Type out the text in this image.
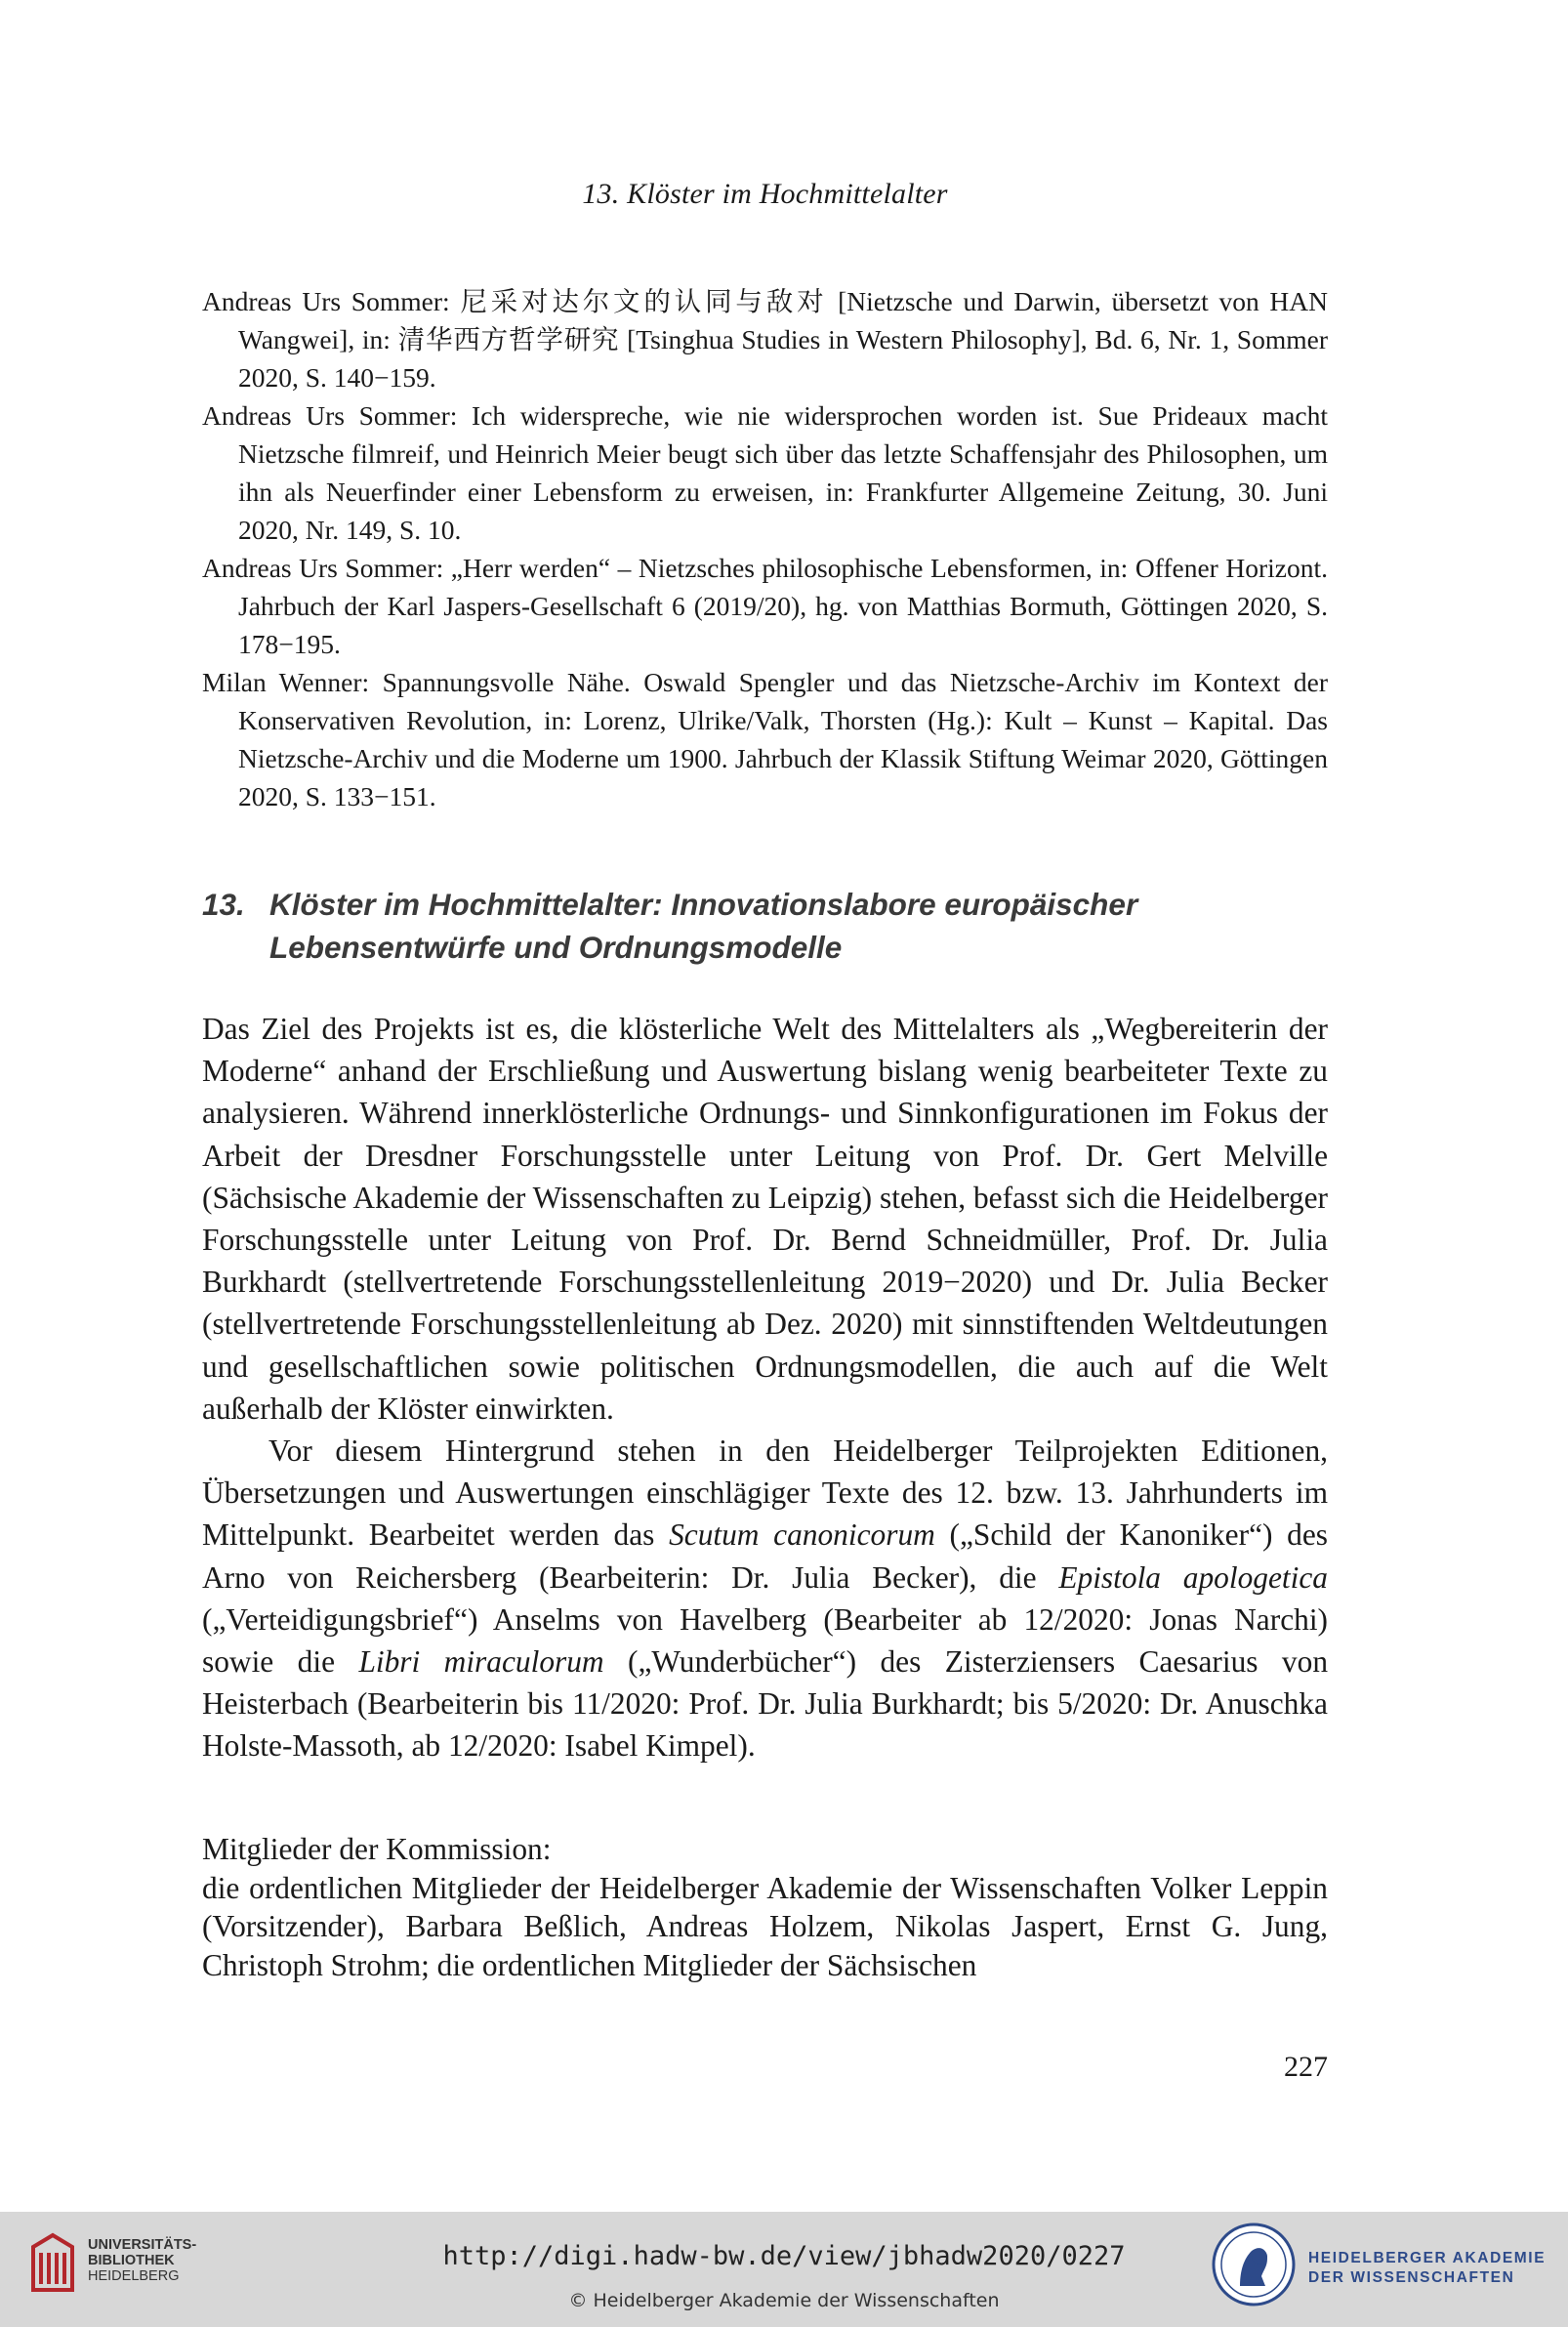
13. Klöster im Hochmittelalter
Andreas Urs Sommer: 尼采对达尔文的认同与敌对 [Nietzsche und Darwin, übersetzt von HAN Wangwei], in: 清华西方哲学研究 [Tsinghua Studies in Western Philosophy], Bd. 6, Nr. 1, Sommer 2020, S. 140−159.
Andreas Urs Sommer: Ich widerspreche, wie nie widersprochen worden ist. Sue Prideaux macht Nietzsche filmreif, und Heinrich Meier beugt sich über das letzte Schaffensjahr des Philosophen, um ihn als Neuerfinder einer Lebensform zu erweisen, in: Frankfurter Allgemeine Zeitung, 30. Juni 2020, Nr. 149, S. 10.
Andreas Urs Sommer: „Herr werden“ – Nietzsches philosophische Lebensformen, in: Offener Horizont. Jahrbuch der Karl Jaspers-Gesellschaft 6 (2019/20), hg. von Matthias Bormuth, Göttingen 2020, S. 178−195.
Milan Wenner: Spannungsvolle Nähe. Oswald Spengler und das Nietzsche-Archiv im Kontext der Konservativen Revolution, in: Lorenz, Ulrike/Valk, Thorsten (Hg.): Kult – Kunst – Kapital. Das Nietzsche-Archiv und die Moderne um 1900. Jahrbuch der Klassik Stiftung Weimar 2020, Göttingen 2020, S. 133−151.
13. Klöster im Hochmittelalter: Innovationslabore europäischer Lebensentwürfe und Ordnungsmodelle

Das Ziel des Projekts ist es, die klösterliche Welt des Mittelalters als „Wegbereiterin der Moderne“ anhand der Erschließung und Auswertung bislang wenig bearbeiteter Texte zu analysieren. Während innerklösterliche Ordnungs- und Sinnkonfigurationen im Fokus der Arbeit der Dresdner Forschungsstelle unter Leitung von Prof. Dr. Gert Melville (Sächsische Akademie der Wissenschaften zu Leipzig) stehen, befasst sich die Heidelberger Forschungsstelle unter Leitung von Prof. Dr. Bernd Schneidmüller, Prof. Dr. Julia Burkhardt (stellvertretende Forschungsstellenleitung 2019−2020) und Dr. Julia Becker (stellvertretende Forschungsstellenleitung ab Dez. 2020) mit sinnstiftenden Weltdeutungen und gesellschaftlichen sowie politischen Ordnungsmodellen, die auch auf die Welt außerhalb der Klöster einwirkten.

Vor diesem Hintergrund stehen in den Heidelberger Teilprojekten Editionen, Übersetzungen und Auswertungen einschlägiger Texte des 12. bzw. 13. Jahrhunderts im Mittelpunkt. Bearbeitet werden das Scutum canonicorum („Schild der Kanoniker“) des Arno von Reichersberg (Bearbeiterin: Dr. Julia Becker), die Epistola apologetica („Verteidigungsbrief“) Anselms von Havelberg (Bearbeiter ab 12/2020: Jonas Narchi) sowie die Libri miraculorum („Wunderbücher“) des Zisterziensers Caesarius von Heisterbach (Bearbeiterin bis 11/2020: Prof. Dr. Julia Burkhardt; bis 5/2020: Dr. Anuschka Holste-Massoth, ab 12/2020: Isabel Kimpel).

Mitglieder der Kommission:

die ordentlichen Mitglieder der Heidelberger Akademie der Wissenschaften Volker Leppin (Vorsitzender), Barbara Beßlich, Andreas Holzem, Nikolas Jaspert, Ernst G. Jung, Christoph Strohm; die ordentlichen Mitglieder der Sächsischen

227
UNIVERSITÄTS-
BIBLIOTHEK
HEIDELBERG
http://digi.hadw-bw.de/view/jbhadw2020/0227
© Heidelberger Akademie der Wissenschaften
HEIDELBERGER AKADEMIE
DER WISSENSCHAFTEN
